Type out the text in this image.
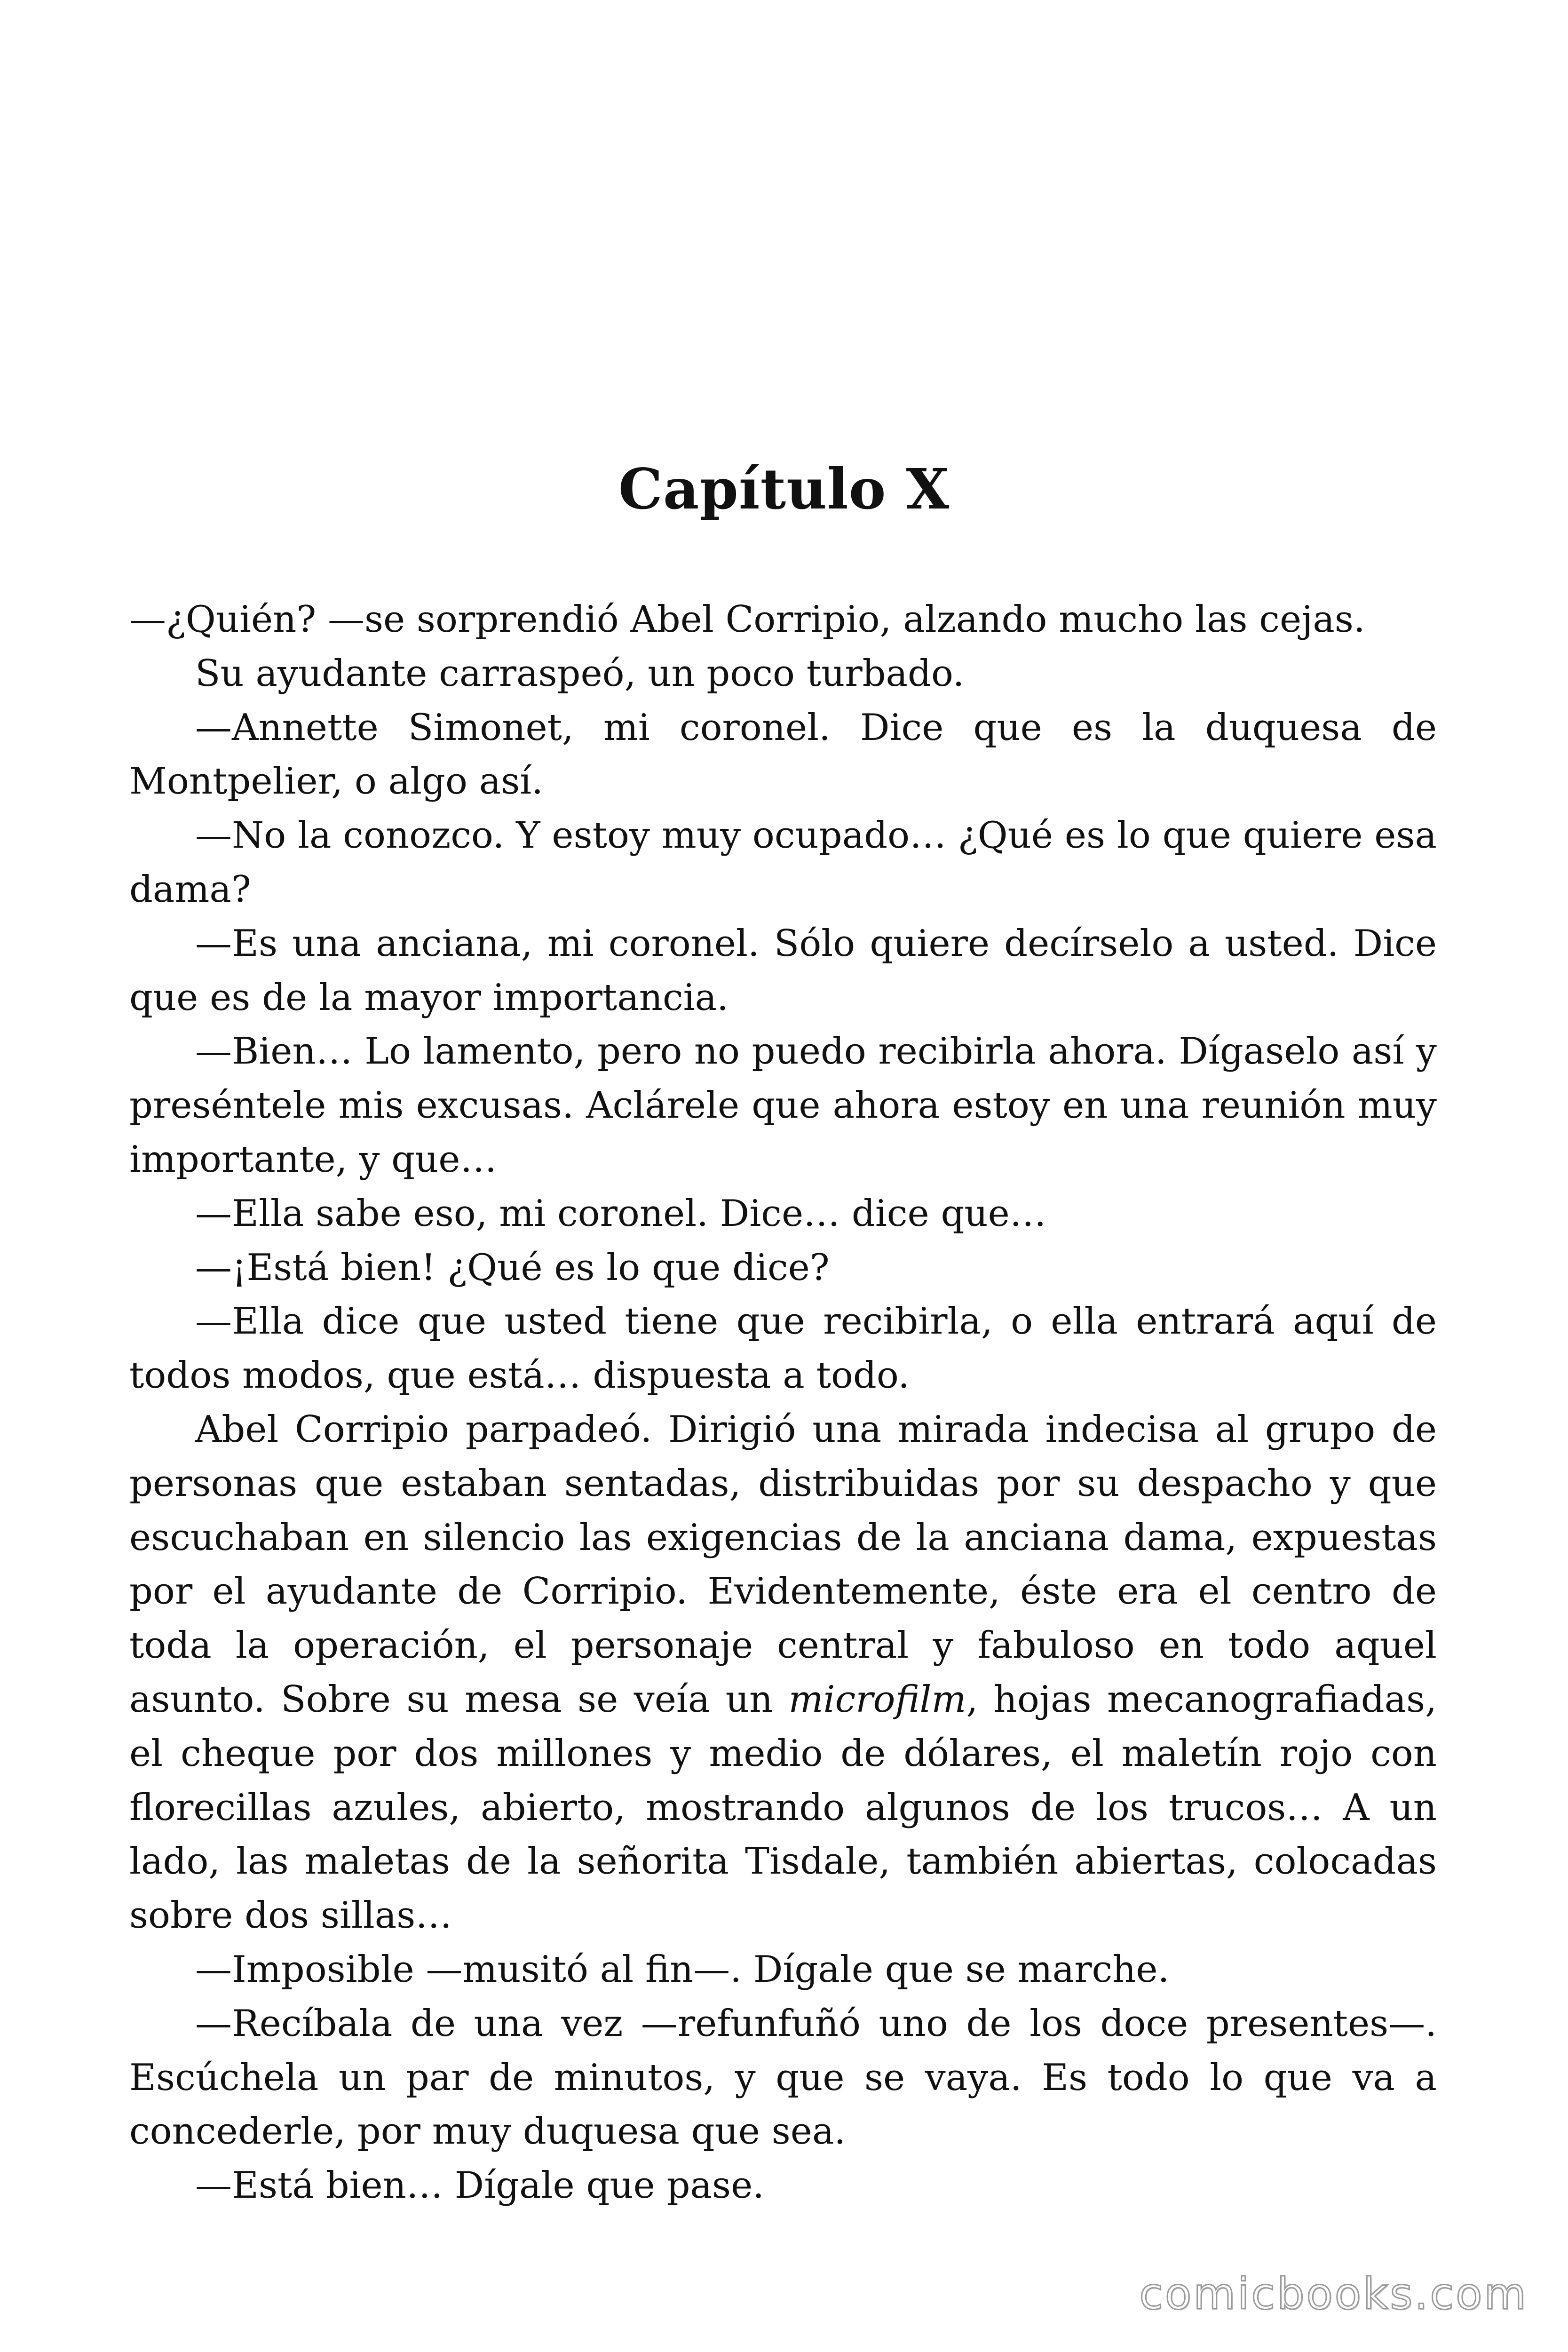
Capítulo X

—¿Quién? —se sorprendió Abel Corripio, alzando mucho las cejas.

Su ayudante carraspeó, un poco turbado.

—Annette Simonet, mi coronel. Dice que es la duquesa de Montpelier, o algo así.

—No la conozco. Y estoy muy ocupado… ¿Qué es lo que quiere esa dama?

—Es una anciana, mi coronel. Sólo quiere decírselo a usted. Dice que es de la mayor importancia.

—Bien… Lo lamento, pero no puedo recibirla ahora. Dígaselo así y preséntele mis excusas. Aclárele que ahora estoy en una reunión muy importante, y que…

—Ella sabe eso, mi coronel. Dice… dice que…

—¡Está bien! ¿Qué es lo que dice?

—Ella dice que usted tiene que recibirla, o ella entrará aquí de todos modos, que está… dispuesta a todo.

Abel Corripio parpadeó. Dirigió una mirada indecisa al grupo de personas que estaban sentadas, distribuidas por su despacho y que escuchaban en silencio las exigencias de la anciana dama, expuestas por el ayudante de Corripio. Evidentemente, éste era el centro de toda la operación, el personaje central y fabuloso en todo aquel asunto. Sobre su mesa se veía un microfilm, hojas mecanografiadas, el cheque por dos millones y medio de dólares, el maletín rojo con florecillas azules, abierto, mostrando algunos de los trucos… A un lado, las maletas de la señorita Tisdale, también abiertas, colocadas sobre dos sillas…

—Imposible —musitó al fin—. Dígale que se marche.

—Recíbala de una vez —refunfuñó uno de los doce presentes—. Escúchela un par de minutos, y que se vaya. Es todo lo que va a concederle, por muy duquesa que sea.

—Está bien… Dígale que pase.

comicbooks.com
